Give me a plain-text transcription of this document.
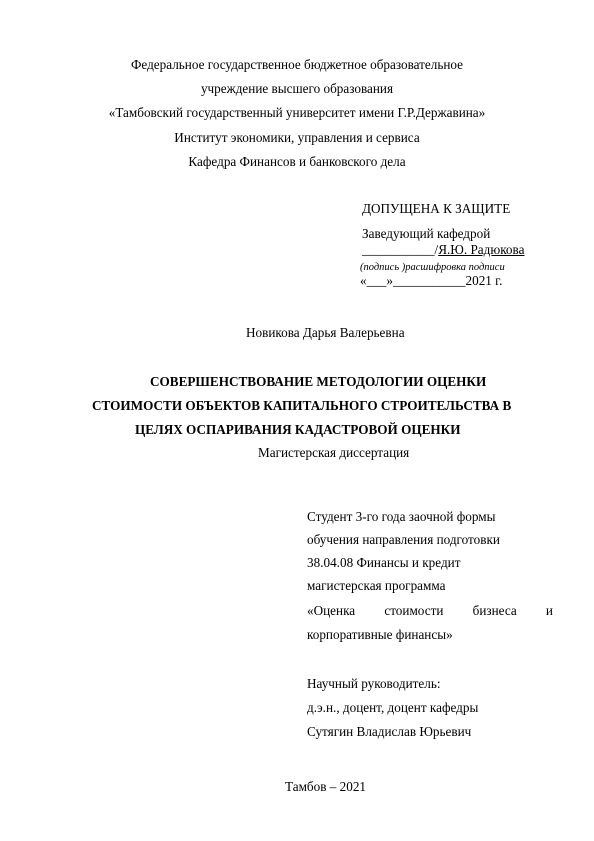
Федеральное государственное бюджетное образовательное
учреждение высшего образования
«Тамбовский государственный университет имени Г.Р.Державина»
Институт экономики, управления и сервиса
Кафедра Финансов и банковского дела
ДОПУЩЕНА К ЗАЩИТЕ
Заведующий кафедрой
___________/Я.Ю. Радюкова
(подпись )расшифровка подписи
«___»___________2021 г.
Новикова Дарья Валерьевна
СОВЕРШЕНСТВОВАНИЕ МЕТОДОЛОГИИ ОЦЕНКИ
СТОИМОСТИ ОБЪЕКТОВ КАПИТАЛЬНОГО СТРОИТЕЛЬСТВА В
ЦЕЛЯХ ОСПАРИВАНИЯ КАДАСТРОВОЙ ОЦЕНКИ
Магистерская диссертация
Студент 3-го года заочной формы
обучения направления подготовки
38.04.08 Финансы и кредит
магистерская программа
«Оценка стоимости бизнеса и
корпоративные финансы»
Научный руководитель:
д.э.н., доцент, доцент кафедры
Сутягин Владислав Юрьевич
Тамбов – 2021
